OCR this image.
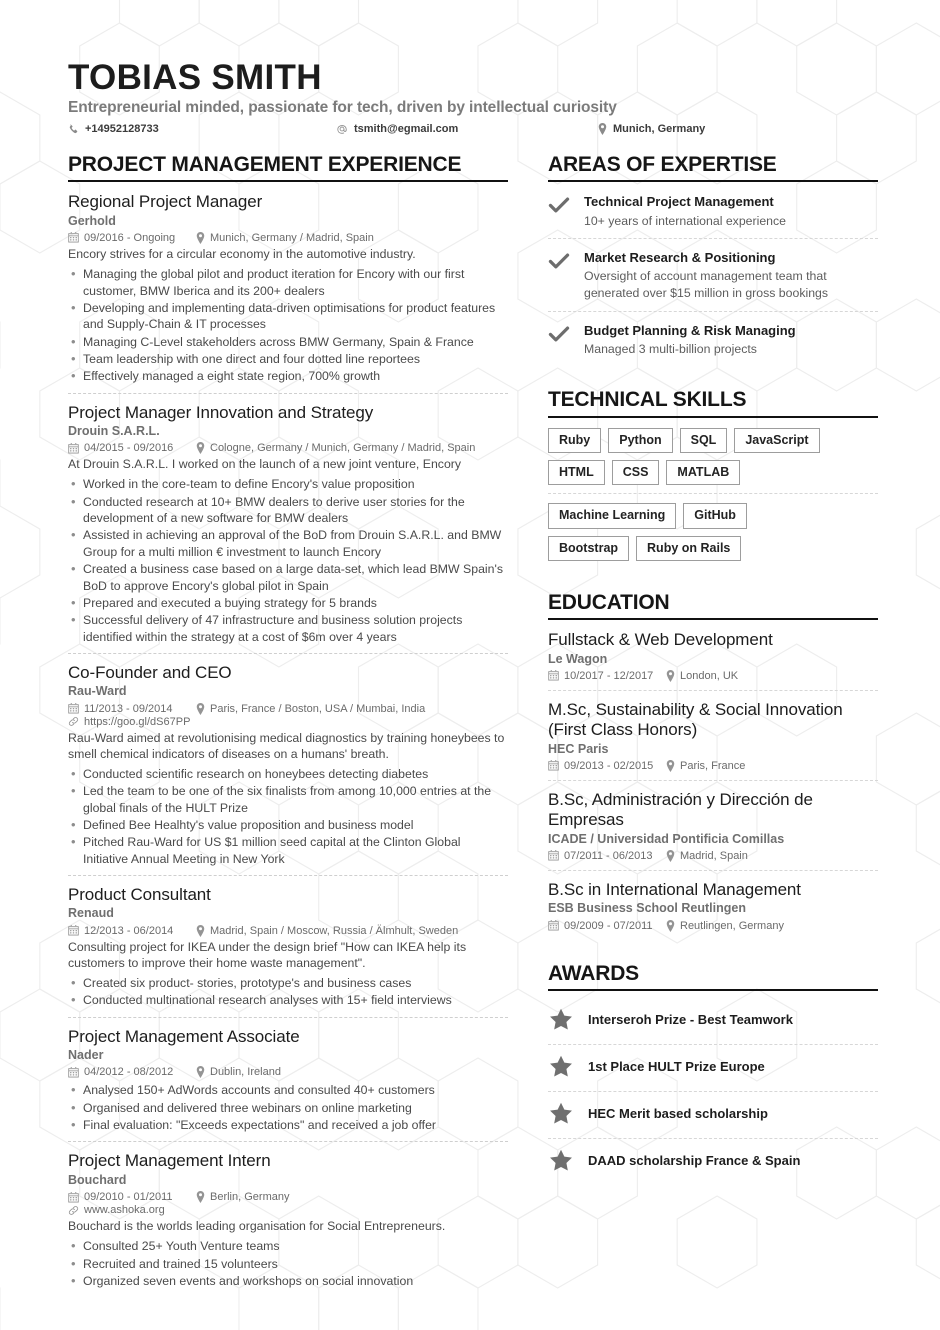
TOBIAS SMITH
Entrepreneurial minded, passionate for tech, driven by intellectual curiosity
+14952128733	tsmith@egmail.com	Munich, Germany
PROJECT MANAGEMENT EXPERIENCE
Regional Project Manager
Gerhold
09/2016 - Ongoing	Munich, Germany / Madrid, Spain
Encory strives for a circular economy in the automotive industry.
• Managing the global pilot and product iteration for Encory with our first customer, BMW Iberica and its 200+ dealers
• Developing and implementing data-driven optimisations for product features and Supply-Chain & IT processes
• Managing C-Level stakeholders across BMW Germany, Spain & France
• Team leadership with one direct and four dotted line reportees
• Effectively managed a eight state region, 700% growth
Project Manager Innovation and Strategy
Drouin S.A.R.L.
04/2015 - 09/2016	Cologne, Germany / Munich, Germany / Madrid, Spain
At Drouin S.A.R.L. I worked on the launch of a new joint venture, Encory
• Worked in the core-team to define Encory's value proposition
• Conducted research at 10+ BMW dealers to derive user stories for the development of a new software for BMW dealers
• Assisted in achieving an approval of the BoD from Drouin S.A.R.L. and BMW Group for a multi million € investment to launch Encory
• Created a business case based on a large data-set, which lead BMW Spain's BoD to approve Encory's global pilot in Spain
• Prepared and executed a buying strategy for 5 brands
• Successful delivery of 47 infrastructure and business solution projects identified within the strategy at a cost of $6m over 4 years
Co-Founder and CEO
Rau-Ward
11/2013 - 09/2014	Paris, France / Boston, USA / Mumbai, India
https://goo.gl/dS67PP
Rau-Ward aimed at revolutionising medical diagnostics by training honeybees to smell chemical indicators of diseases on a humans' breath.
• Conducted scientific research on honeybees detecting diabetes
• Led the team to be one of the six finalists from among 10,000 entries at the global finals of the HULT Prize
• Defined Bee Healhty's value proposition and business model
• Pitched Rau-Ward for US $1 million seed capital at the Clinton Global Initiative Annual Meeting in New York
Product Consultant
Renaud
12/2013 - 06/2014	Madrid, Spain / Moscow, Russia / Älmhult, Sweden
Consulting project for IKEA under the design brief "How can IKEA help its customers to improve their home waste management".
• Created six product- stories, prototype's and business cases
• Conducted multinational research analyses with 15+ field interviews
Project Management Associate
Nader
04/2012 - 08/2012	Dublin, Ireland
• Analysed 150+ AdWords accounts and consulted 40+ customers
• Organised and delivered three webinars on online marketing
• Final evaluation: "Exceeds expectations" and received a job offer
Project Management Intern
Bouchard
09/2010 - 01/2011	Berlin, Germany
www.ashoka.org
Bouchard is the worlds leading organisation for Social Entrepreneurs.
• Consulted 25+ Youth Venture teams
• Recruited and trained 15 volunteers
• Organized seven events and workshops on social innovation
AREAS OF EXPERTISE
Technical Project Management
10+ years of international experience
Market Research & Positioning
Oversight of account management team that generated over $15 million in gross bookings
Budget Planning & Risk Managing
Managed 3 multi-billion projects
TECHNICAL SKILLS
Ruby	Python	SQL	JavaScript
HTML	CSS	MATLAB
Machine Learning	GitHub
Bootstrap	Ruby on Rails
EDUCATION
Fullstack & Web Development
Le Wagon
10/2017 - 12/2017 London, UK
M.Sc, Sustainability & Social Innovation (First Class Honors)
HEC Paris
09/2013 - 02/2015 Paris, France
B.Sc, Administración y Dirección de Empresas
ICADE / Universidad Pontificia Comillas
07/2011 - 06/2013	Madrid, Spain
B.Sc in International Management
ESB Business School Reutlingen
09/2009 - 07/2011	Reutlingen, Germany
AWARDS
Interseroh Prize - Best Teamwork
1st Place HULT Prize Europe
HEC Merit based scholarship
DAAD scholarship France & Spain
